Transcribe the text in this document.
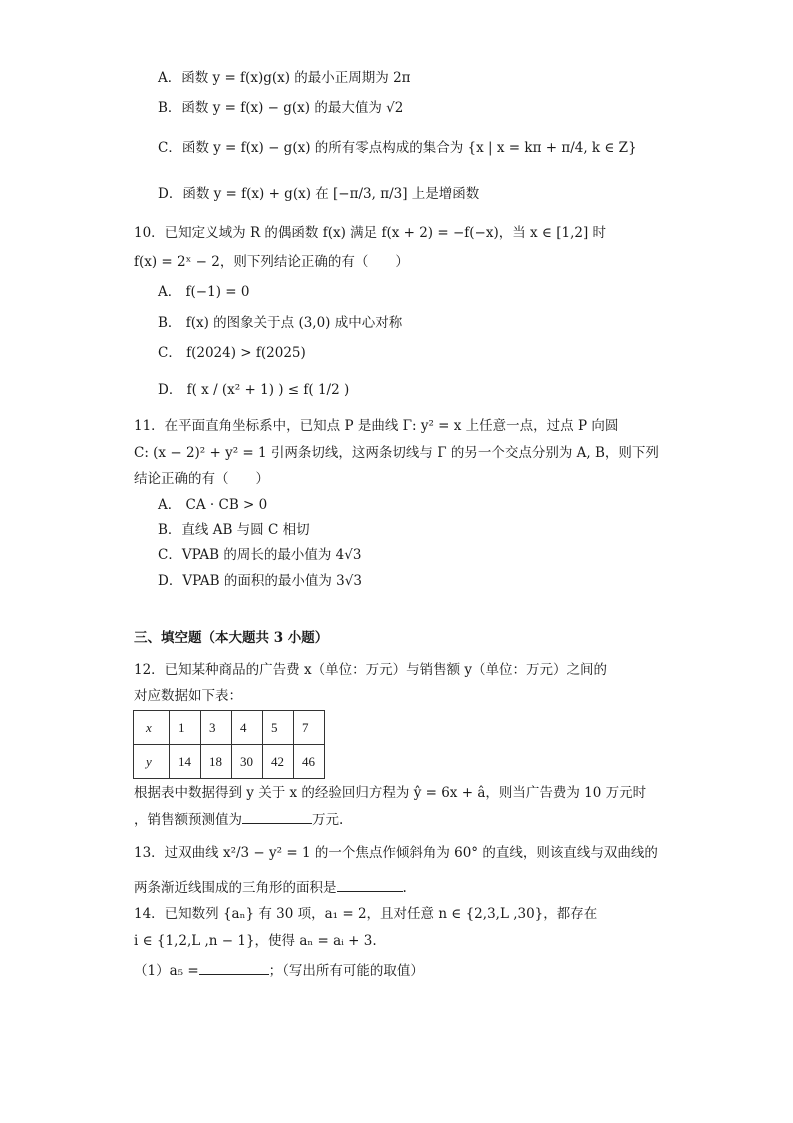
A．函数 y = f(x)g(x) 的最小正周期为 2π
B．函数 y = f(x) − g(x) 的最大值为 √2
C．函数 y = f(x) − g(x) 的所有零点构成的集合为 {x | x = kπ + π/4, k ∈ Z}
D．函数 y = f(x) + g(x) 在 [−π/3, π/3] 上是增函数
10．已知定义域为 R 的偶函数 f(x) 满足 f(x + 2) = −f(−x)，当 x ∈ [1,2] 时
f(x) = 2ˣ − 2，则下列结论正确的有（　　）
A． f(−1) = 0
B． f(x) 的图象关于点 (3,0) 成中心对称
C． f(2024) > f(2025)
D． f( x / (x² + 1) ) ≤ f( 1/2 )
11．在平面直角坐标系中，已知点 P 是曲线 Γ: y² = x 上任意一点，过点 P 向圆
C: (x − 2)² + y² = 1 引两条切线，这两条切线与 Γ 的另一个交点分别为 A, B，则下列
结论正确的有（　　）
A． CA · CB > 0
B．直线 AB 与圆 C 相切
C．VPAB 的周长的最小值为 4√3
D．VPAB 的面积的最小值为 3√3
三、填空题（本大题共 3 小题）
12．已知某种商品的广告费 x（单位：万元）与销售额 y（单位：万元）之间的
对应数据如下表：
x	1	3	4	5	7
y	14	18	30	42	46
根据表中数据得到 y 关于 x 的经验回归方程为 ŷ = 6x + â，则当广告费为 10 万元时
，销售额预测值为	万元.
13．过双曲线 x²/3 − y² = 1 的一个焦点作倾斜角为 60° 的直线，则该直线与双曲线的
两条渐近线围成的三角形的面积是	.
14．已知数列 {aₙ} 有 30 项，a₁ = 2，且对任意 n ∈ {2,3,L ,30}，都存在
i ∈ {1,2,L ,n − 1}，使得 aₙ = aᵢ + 3.
（1）a₅ =	；（写出所有可能的取值）
